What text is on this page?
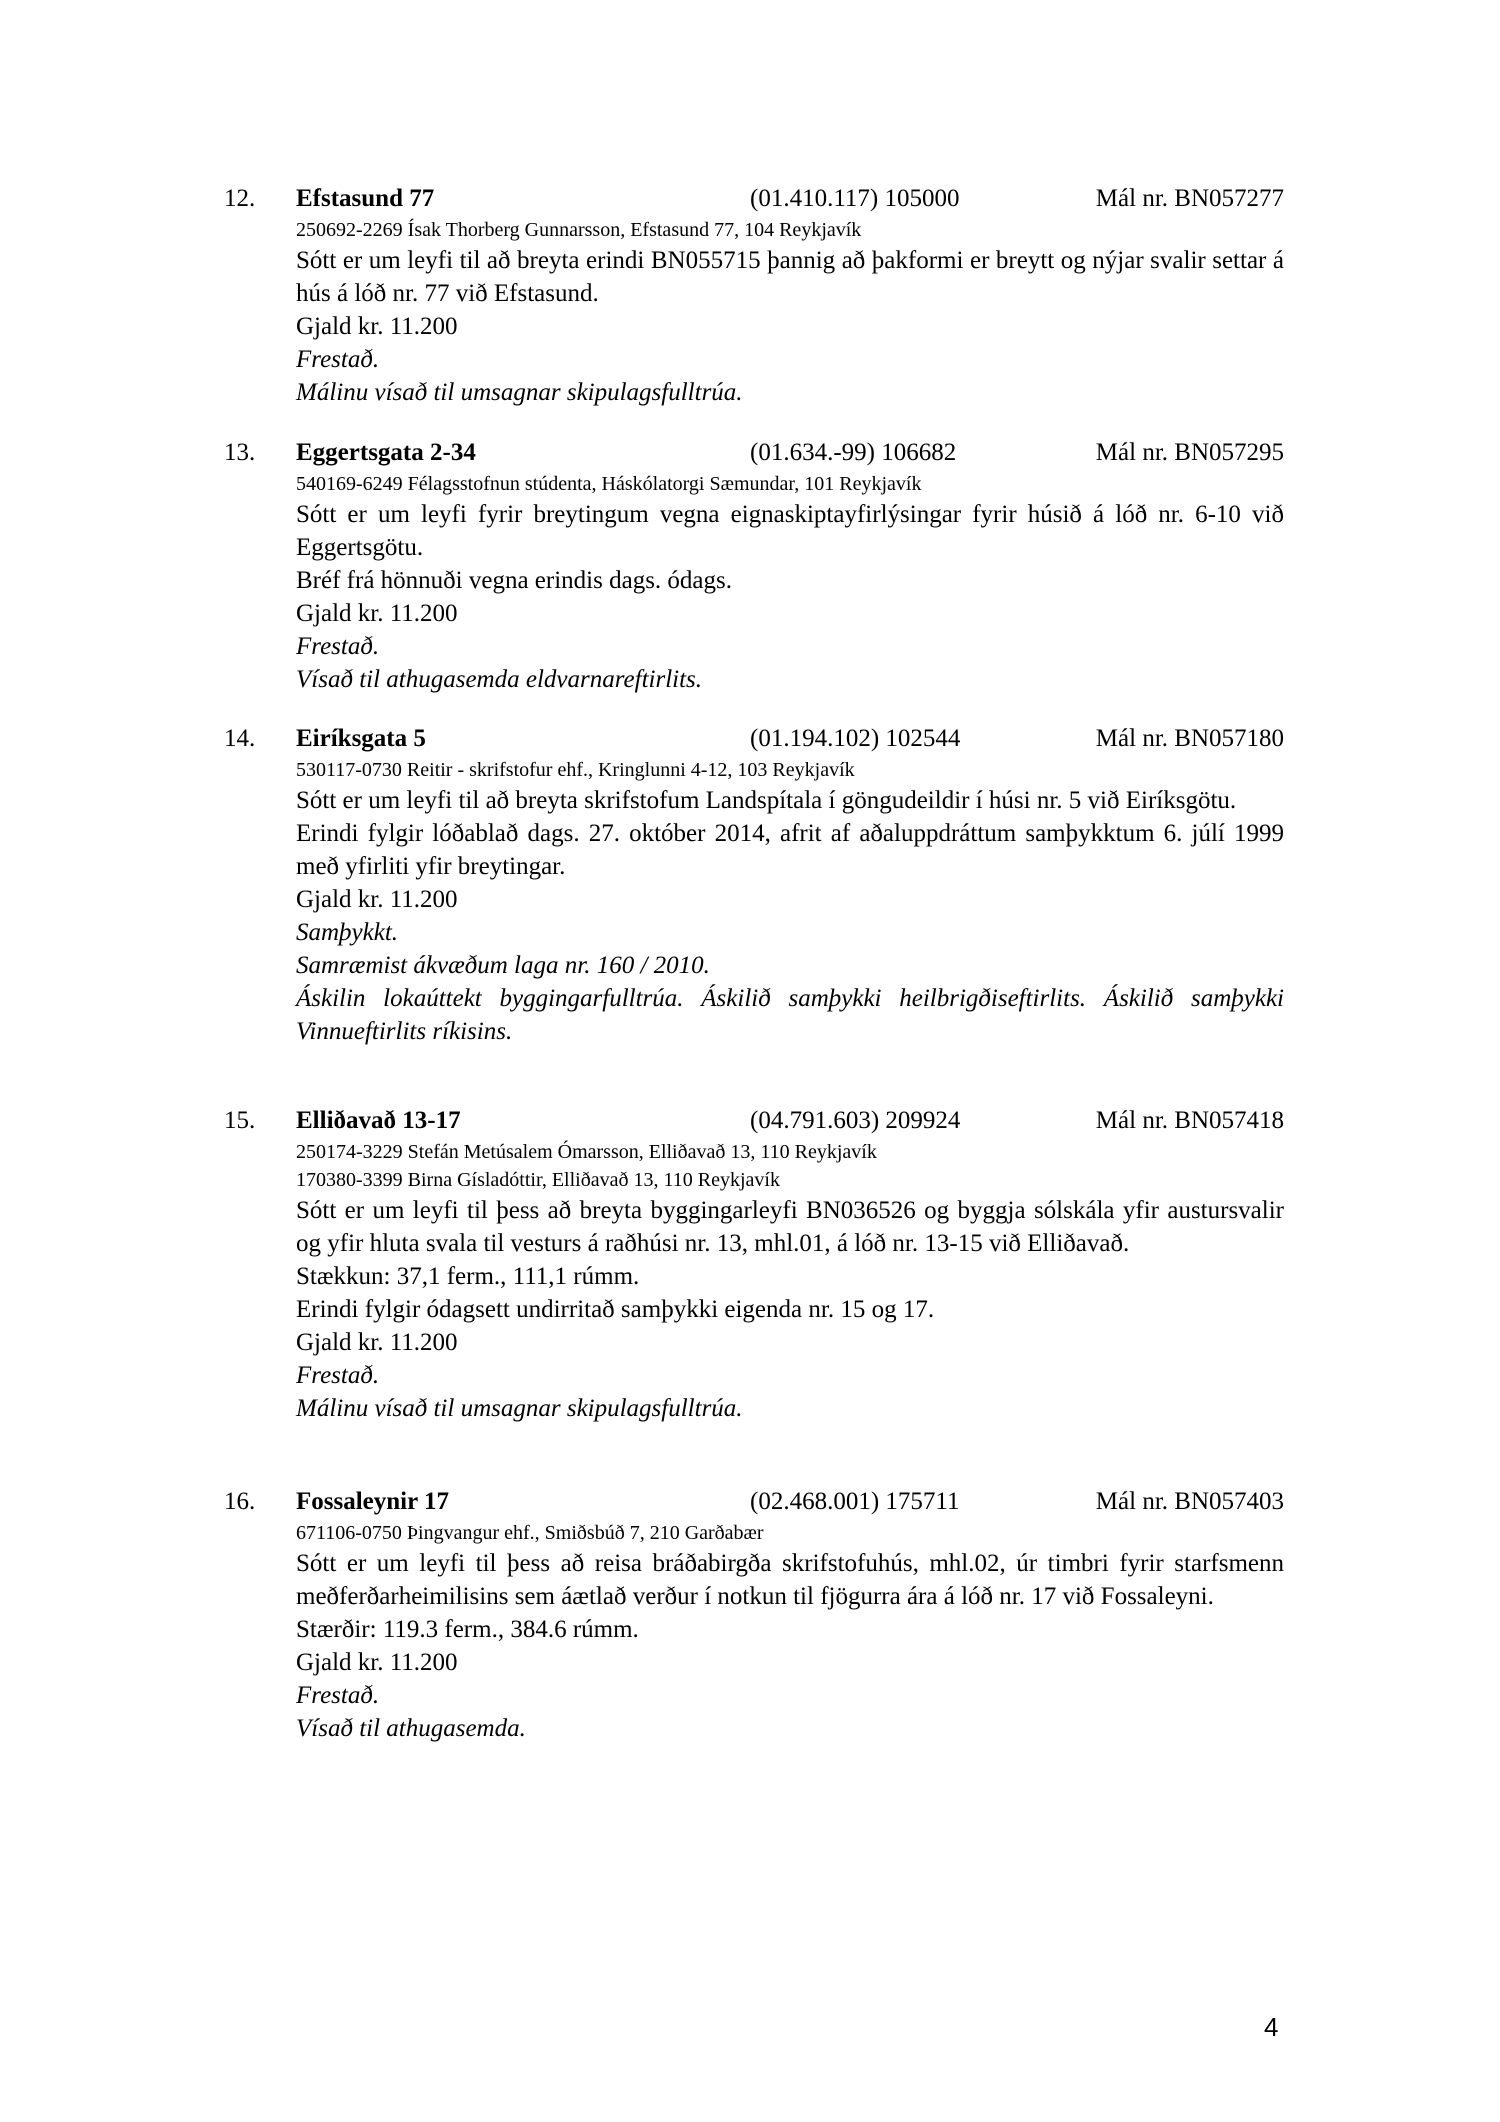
12. Efstasund 77	(01.410.117) 105000	Mál nr. BN057277
250692-2269 Ísak Thorberg Gunnarsson, Efstasund 77, 104 Reykjavík
Sótt er um leyfi til að breyta erindi BN055715 þannig að þakformi er breytt og nýjar svalir settar á hús á lóð nr. 77 við Efstasund.
Gjald kr. 11.200
Frestað.
Málinu vísað til umsagnar skipulagsfulltrúa.
13. Eggertsgata 2-34	(01.634.-99) 106682	Mál nr. BN057295
540169-6249 Félagsstofnun stúdenta, Háskólatorgi Sæmundar, 101 Reykjavík
Sótt er um leyfi fyrir breytingum vegna eignaskiptayfirlýsingar fyrir húsið á lóð nr. 6-10 við Eggertsgötu.
Bréf frá hönnuði vegna erindis dags. ódags.
Gjald kr. 11.200
Frestað.
Vísað til athugasemda eldvarnareftirlits.
14. Eiríksgata 5	(01.194.102) 102544	Mál nr. BN057180
530117-0730 Reitir - skrifstofur ehf., Kringlunni 4-12, 103 Reykjavík
Sótt er um leyfi til að breyta skrifstofum Landspítala í göngudeildir í húsi nr. 5 við Eiríksgötu.
Erindi fylgir lóðablað dags. 27. október 2014, afrit af aðaluppdráttum samþykktum 6. júlí 1999 með yfirliti yfir breytingar.
Gjald kr. 11.200
Samþykkt.
Samræmist ákvæðum laga nr. 160 / 2010.
Áskilin lokaúttekt byggingarfulltrúa. Áskilið samþykki heilbrigðiseftirlits. Áskilið samþykki Vinnueftirlits ríkisins.
15. Elliðavað 13-17	(04.791.603) 209924	Mál nr. BN057418
250174-3229 Stefán Metúsalem Ómarsson, Elliðavað 13, 110 Reykjavík
170380-3399 Birna Gísladóttir, Elliðavað 13, 110 Reykjavík
Sótt er um leyfi til þess að breyta byggingarleyfi BN036526 og byggja sólskála yfir austursvalir og yfir hluta svala til vesturs á raðhúsi nr. 13, mhl.01, á lóð nr. 13-15 við Elliðavað.
Stækkun: 37,1 ferm., 111,1 rúmm.
Erindi fylgir ódagsett undirritað samþykki eigenda nr. 15 og 17.
Gjald kr. 11.200
Frestað.
Málinu vísað til umsagnar skipulagsfulltrúa.
16. Fossaleynir 17	(02.468.001) 175711	Mál nr. BN057403
671106-0750 Þingvangur ehf., Smiðsbúð 7, 210 Garðabær
Sótt er um leyfi til þess að reisa bráðabirgða skrifstofuhús, mhl.02, úr timbri fyrir starfsmenn meðferðarheimilisins sem áætlað verður í notkun til fjögurra ára á lóð nr. 17 við Fossaleyni.
Stærðir: 119.3 ferm., 384.6 rúmm.
Gjald kr. 11.200
Frestað.
Vísað til athugasemda.
4
